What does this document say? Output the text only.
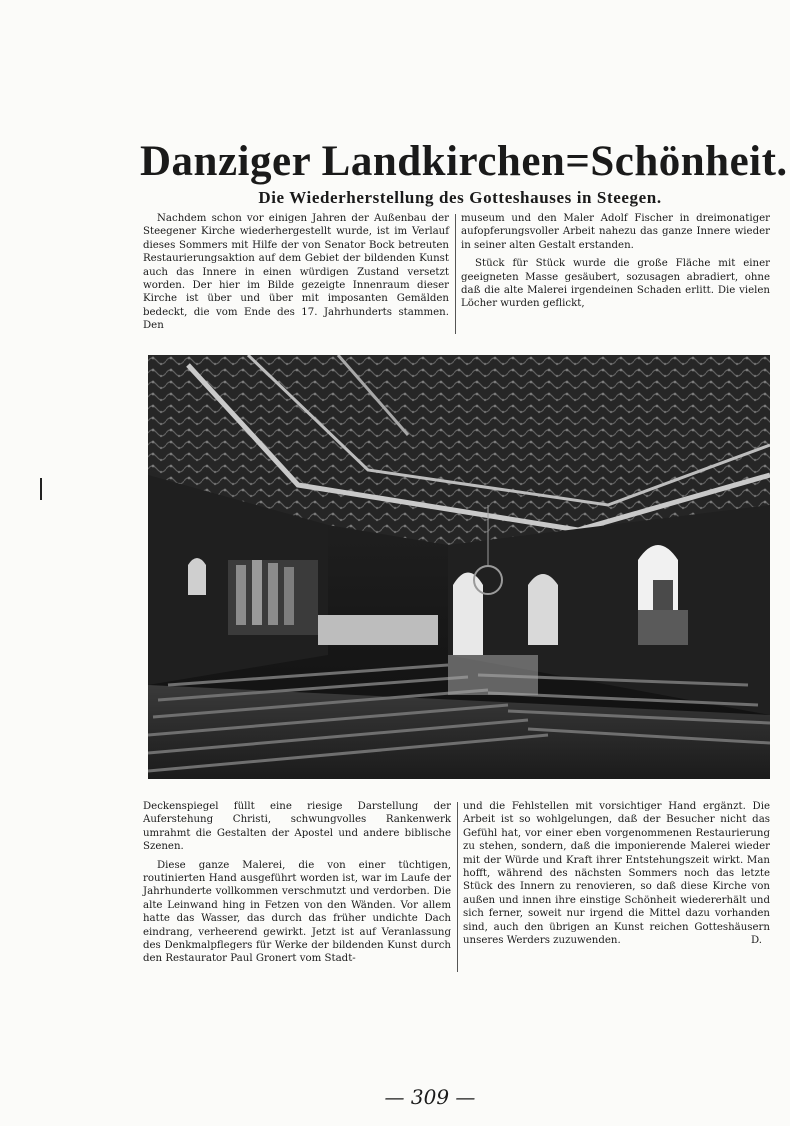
Danziger Landkirchen=Schönheit.
Die Wiederherstellung des Gotteshauses in Steegen.

Nachdem schon vor einigen Jahren der Außenbau der Steegener Kirche wiederhergestellt wurde, ist im Verlauf dieses Sommers mit Hilfe der von Senator Bock betreuten Restaurierungsaktion auf dem Gebiet der bildenden Kunst auch das Innere in einen würdigen Zustand versetzt worden. Der hier im Bilde gezeigte Innenraum dieser Kirche ist über und über mit imposanten Gemälden bedeckt, die vom Ende des 17. Jahrhunderts stammen. Den

museum und den Maler Adolf Fischer in dreimonatiger aufopferungsvoller Arbeit nahezu das ganze Innere wieder in seiner alten Gestalt erstanden.

Stück für Stück wurde die große Fläche mit einer geeigneten Masse gesäubert, sozusagen abradiert, ohne daß die alte Malerei irgendeinen Schaden erlitt. Die vielen Löcher wurden geflickt,

Deckenspiegel füllt eine riesige Darstellung der Auferstehung Christi, schwungvolles Rankenwerk umrahmt die Gestalten der Apostel und andere biblische Szenen.

Diese ganze Malerei, die von einer tüchtigen, routinierten Hand ausgeführt worden ist, war im Laufe der Jahrhunderte vollkommen verschmutzt und verdorben. Die alte Leinwand hing in Fetzen von den Wänden. Vor allem hatte das Wasser, das durch das früher undichte Dach eindrang, verheerend gewirkt. Jetzt ist auf Veranlassung des Denkmalpflegers für Werke der bildenden Kunst durch den Restaurator Paul Gronert vom Stadt-

und die Fehlstellen mit vorsichtiger Hand ergänzt. Die Arbeit ist so wohlgelungen, daß der Besucher nicht das Gefühl hat, vor einer eben vorgenommenen Restaurierung zu stehen, sondern, daß die imponierende Malerei wieder mit der Würde und Kraft ihrer Entstehungszeit wirkt. Man hofft, während des nächsten Sommers noch das letzte Stück des Innern zu renovieren, so daß diese Kirche von außen und innen ihre einstige Schönheit wiedererhält und sich ferner, soweit nur irgend die Mittel dazu vorhanden sind, auch den übrigen an Kunst reichen Gotteshäusern unseres Werders zuzuwenden.	D.
— 309 —
